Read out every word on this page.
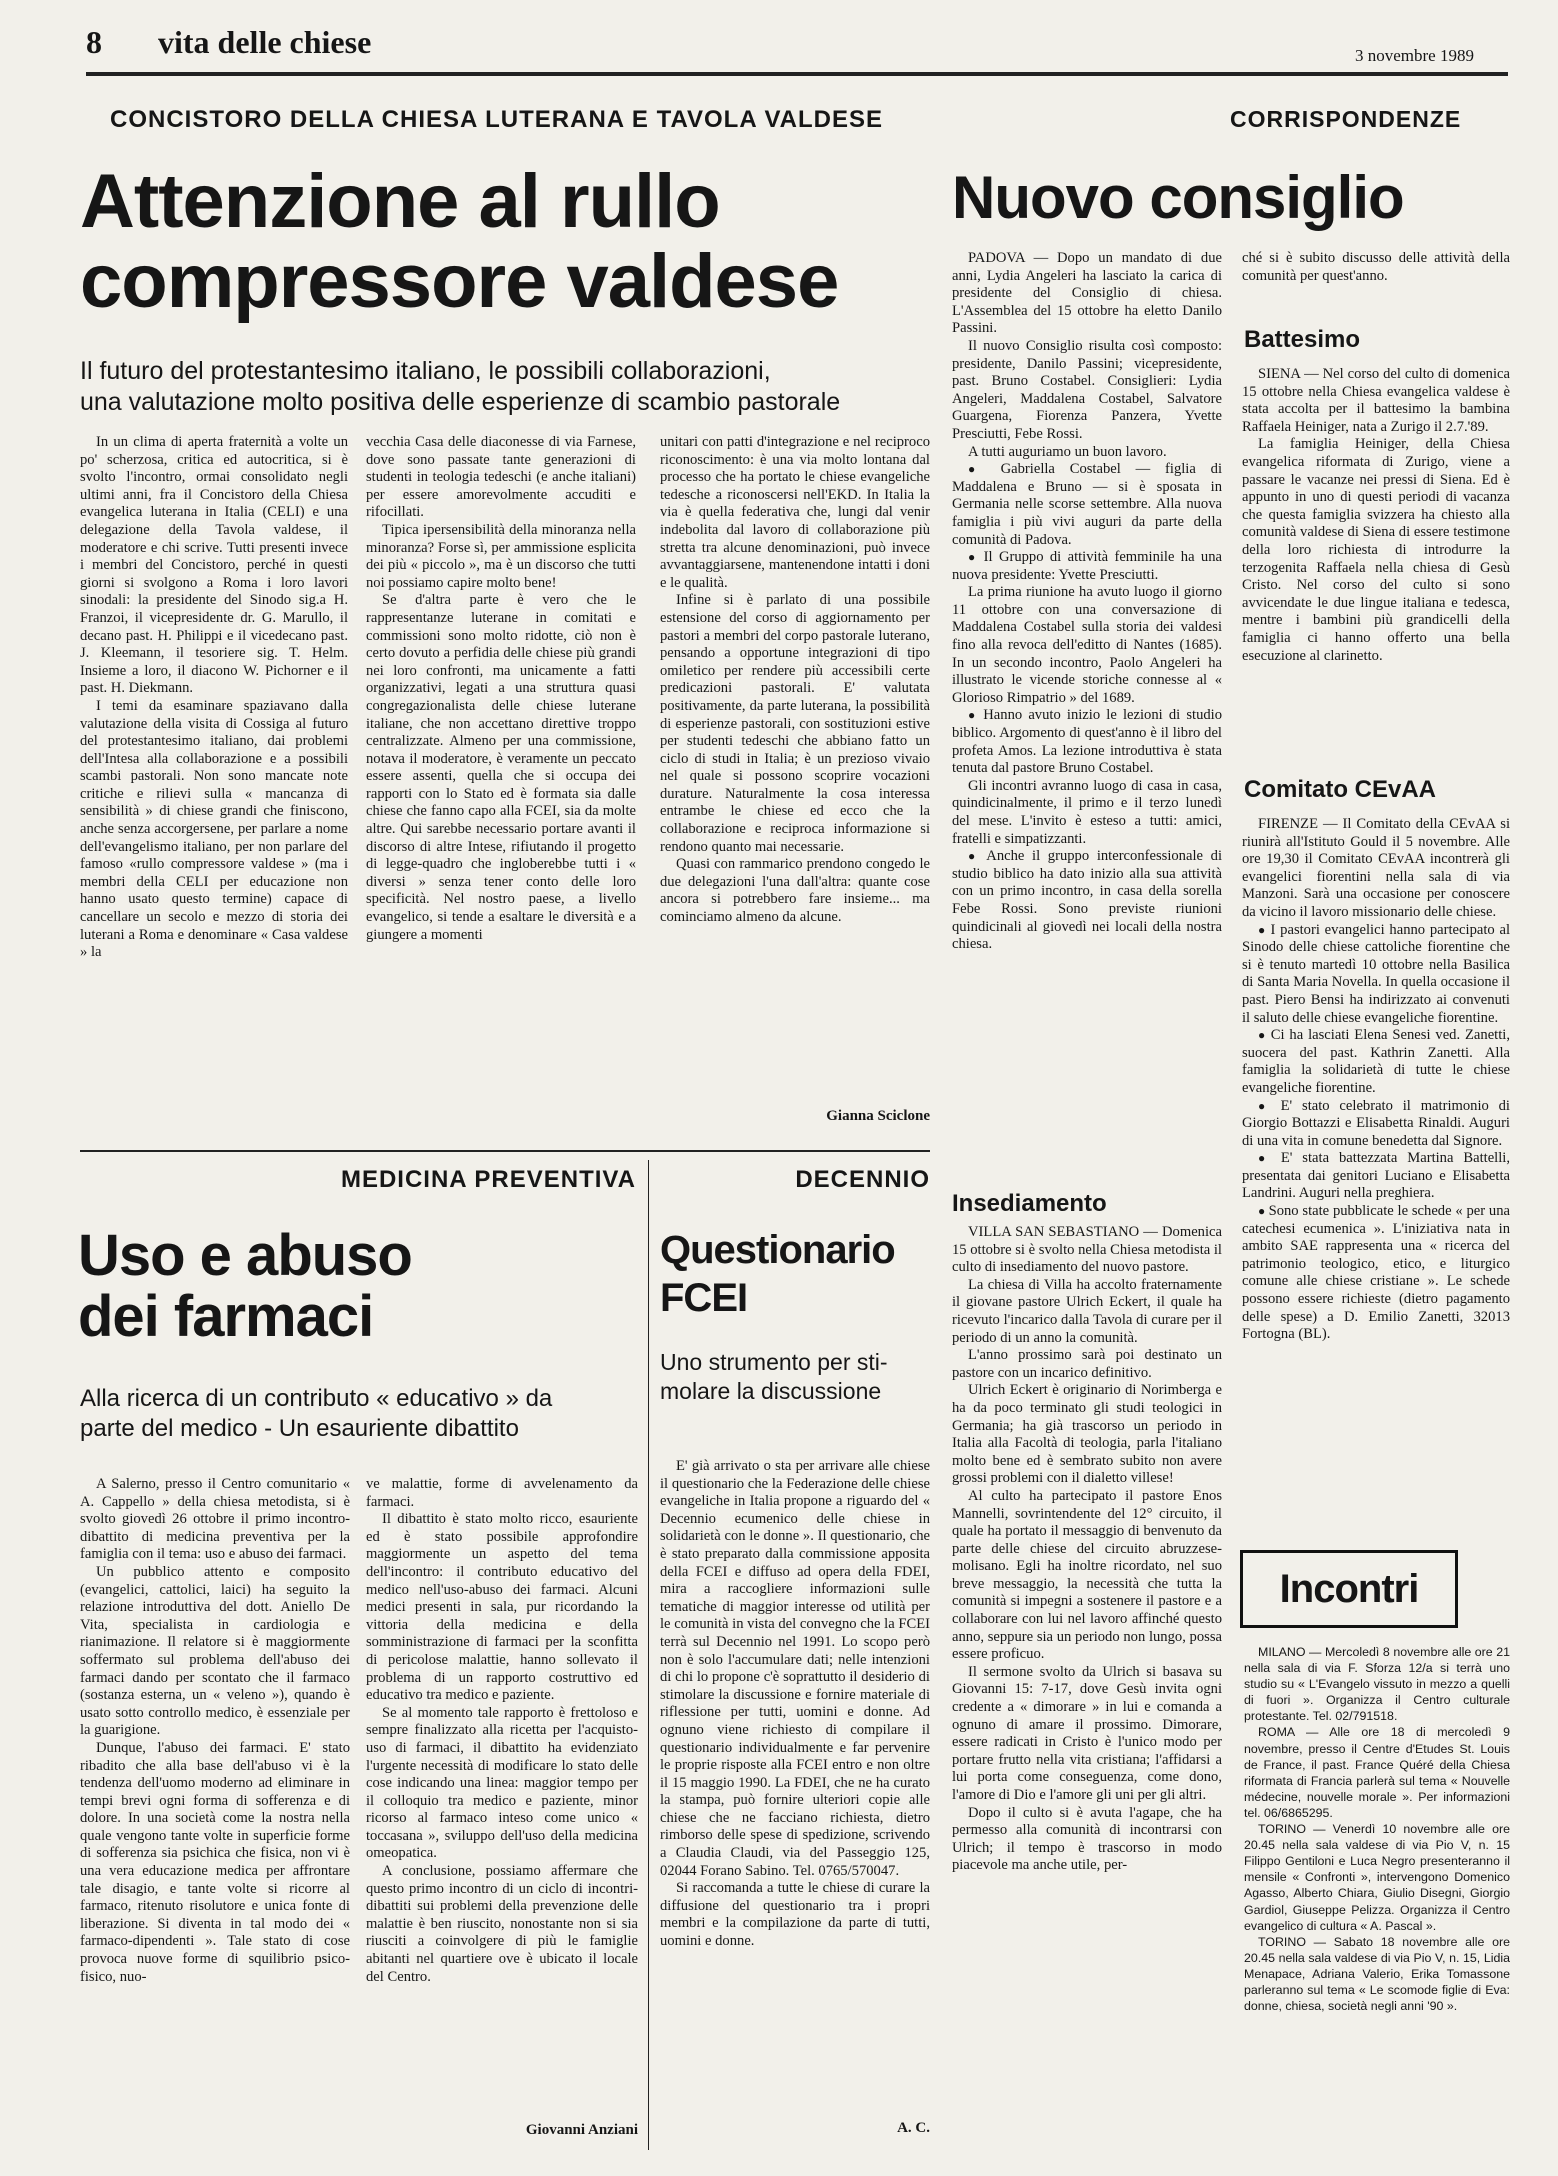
8 vita delle chiese	3 novembre 1989
CONCISTORO DELLA CHIESA LUTERANA E TAVOLA VALDESE
Attenzione al rullo
compressore valdese
Il futuro del protestantesimo italiano, le possibili collaborazioni,
una valutazione molto positiva delle esperienze di scambio pastorale

In un clima di aperta fraternità a volte un po' scherzosa, critica ed autocritica, si è svolto l'incontro, ormai consolidato negli ultimi anni, fra il Concistoro della Chiesa evangelica luterana in Italia (CELI) e una delegazione della Tavola valdese, il moderatore e chi scrive. Tutti presenti invece i membri del Concistoro, perché in questi giorni si svolgono a Roma i loro lavori sinodali: la presidente del Sinodo sig.a H. Franzoi, il vicepresidente dr. G. Marullo, il decano past. H. Philippi e il vicedecano past. J. Kleemann, il tesoriere sig. T. Helm. Insieme a loro, il diacono W. Pichorner e il past. H. Diekmann.

I temi da esaminare spaziavano dalla valutazione della visita di Cossiga al futuro del protestantesimo italiano, dai problemi dell'Intesa alla collaborazione e a possibili scambi pastorali. Non sono mancate note critiche e rilievi sulla « mancanza di sensibilità » di chiese grandi che finiscono, anche senza accorgersene, per parlare a nome dell'evangelismo italiano, per non parlare del famoso «rullo compressore valdese » (ma i membri della CELI per educazione non hanno usato questo termine) capace di cancellare un secolo e mezzo di storia dei luterani a Roma e denominare « Casa valdese » la

vecchia Casa delle diaconesse di via Farnese, dove sono passate tante generazioni di studenti in teologia tedeschi (e anche italiani) per essere amorevolmente accuditi e rifocillati.

Tipica ipersensibilità della minoranza nella minoranza? Forse sì, per ammissione esplicita dei più « piccolo », ma è un discorso che tutti noi possiamo capire molto bene!

Se d'altra parte è vero che le rappresentanze luterane in comitati e commissioni sono molto ridotte, ciò non è certo dovuto a perfidia delle chiese più grandi nei loro confronti, ma unicamente a fatti organizzativi, legati a una struttura quasi congregazionalista delle chiese luterane italiane, che non accettano direttive troppo centralizzate. Almeno per una commissione, notava il moderatore, è veramente un peccato essere assenti, quella che si occupa dei rapporti con lo Stato ed è formata sia dalle chiese che fanno capo alla FCEI, sia da molte altre. Qui sarebbe necessario portare avanti il discorso di altre Intese, rifiutando il progetto di legge-quadro che ingloberebbe tutti i « diversi » senza tener conto delle loro specificità. Nel nostro paese, a livello evangelico, si tende a esaltare le diversità e a giungere a momenti

unitari con patti d'integrazione e nel reciproco riconoscimento: è una via molto lontana dal processo che ha portato le chiese evangeliche tedesche a riconoscersi nell'EKD. In Italia la via è quella federativa che, lungi dal venir indebolita dal lavoro di collaborazione più stretta tra alcune denominazioni, può invece avvantaggiarsene, mantenendone intatti i doni e le qualità.

Infine si è parlato di una possibile estensione del corso di aggiornamento per pastori a membri del corpo pastorale luterano, pensando a opportune integrazioni di tipo omiletico per rendere più accessibili certe predicazioni pastorali. E' valutata positivamente, da parte luterana, la possibilità di esperienze pastorali, con sostituzioni estive per studenti tedeschi che abbiano fatto un ciclo di studi in Italia; è un prezioso vivaio nel quale si possono scoprire vocazioni durature. Naturalmente la cosa interessa entrambe le chiese ed ecco che la collaborazione e reciproca informazione si rendono quanto mai necessarie.

Quasi con rammarico prendono congedo le due delegazioni l'una dall'altra: quante cose ancora si potrebbero fare insieme... ma cominciamo almeno da alcune.

Gianna Sciclone
MEDICINA PREVENTIVA
Uso e abuso
dei farmaci
Alla ricerca di un contributo « educativo » da
parte del medico - Un esauriente dibattito

A Salerno, presso il Centro comunitario « A. Cappello » della chiesa metodista, si è svolto giovedì 26 ottobre il primo incontro-dibattito di medicina preventiva per la famiglia con il tema: uso e abuso dei farmaci.

Un pubblico attento e composito (evangelici, cattolici, laici) ha seguito la relazione introduttiva del dott. Aniello De Vita, specialista in cardiologia e rianimazione. Il relatore si è maggiormente soffermato sul problema dell'abuso dei farmaci dando per scontato che il farmaco (sostanza esterna, un « veleno »), quando è usato sotto controllo medico, è essenziale per la guarigione.

Dunque, l'abuso dei farmaci. E' stato ribadito che alla base dell'abuso vi è la tendenza dell'uomo moderno ad eliminare in tempi brevi ogni forma di sofferenza e di dolore. In una società come la nostra nella quale vengono tante volte in superficie forme di sofferenza sia psichica che fisica, non vi è una vera educazione medica per affrontare tale disagio, e tante volte si ricorre al farmaco, ritenuto risolutore e unica fonte di liberazione. Si diventa in tal modo dei « farmaco-dipendenti ». Tale stato di cose provoca nuove forme di squilibrio psico-fisico, nuo-

ve malattie, forme di avvelenamento da farmaci.

Il dibattito è stato molto ricco, esauriente ed è stato possibile approfondire maggiormente un aspetto del tema dell'incontro: il contributo educativo del medico nell'uso-abuso dei farmaci. Alcuni medici presenti in sala, pur ricordando la vittoria della medicina e della somministrazione di farmaci per la sconfitta di pericolose malattie, hanno sollevato il problema di un rapporto costruttivo ed educativo tra medico e paziente.

Se al momento tale rapporto è frettoloso e sempre finalizzato alla ricetta per l'acquisto-uso di farmaci, il dibattito ha evidenziato l'urgente necessità di modificare lo stato delle cose indicando una linea: maggior tempo per il colloquio tra medico e paziente, minor ricorso al farmaco inteso come unico « toccasana », sviluppo dell'uso della medicina omeopatica.

A conclusione, possiamo affermare che questo primo incontro di un ciclo di incontri-dibattiti sui problemi della prevenzione delle malattie è ben riuscito, nonostante non si sia riusciti a coinvolgere di più le famiglie abitanti nel quartiere ove è ubicato il locale del Centro.

Giovanni Anziani
DECENNIO
Questionario
FCEI
Uno strumento per sti-
molare la discussione

E' già arrivato o sta per arrivare alle chiese il questionario che la Federazione delle chiese evangeliche in Italia propone a riguardo del « Decennio ecumenico delle chiese in solidarietà con le donne ». Il questionario, che è stato preparato dalla commissione apposita della FCEI e diffuso ad opera della FDEI, mira a raccogliere informazioni sulle tematiche di maggior interesse od utilità per le comunità in vista del convegno che la FCEI terrà sul Decennio nel 1991. Lo scopo però non è solo l'accumulare dati; nelle intenzioni di chi lo propone c'è soprattutto il desiderio di stimolare la discussione e fornire materiale di riflessione per tutti, uomini e donne. Ad ognuno viene richiesto di compilare il questionario individualmente e far pervenire le proprie risposte alla FCEI entro e non oltre il 15 maggio 1990. La FDEI, che ne ha curato la stampa, può fornire ulteriori copie alle chiese che ne facciano richiesta, dietro rimborso delle spese di spedizione, scrivendo a Claudia Claudi, via del Passeggio 125, 02044 Forano Sabino. Tel. 0765/570047.

Si raccomanda a tutte le chiese di curare la diffusione del questionario tra i propri membri e la compilazione da parte di tutti, uomini e donne.

A. C.
CORRISPONDENZE
Nuovo consiglio

PADOVA — Dopo un mandato di due anni, Lydia Angeleri ha lasciato la carica di presidente del Consiglio di chiesa. L'Assemblea del 15 ottobre ha eletto Danilo Passini.

Il nuovo Consiglio risulta così composto: presidente, Danilo Passini; vicepresidente, past. Bruno Costabel. Consiglieri: Lydia Angeleri, Maddalena Costabel, Salvatore Guargena, Fiorenza Panzera, Yvette Presciutti, Febe Rossi.

A tutti auguriamo un buon lavoro.

● Gabriella Costabel — figlia di Maddalena e Bruno — si è sposata in Germania nelle scorse settembre. Alla nuova famiglia i più vivi auguri da parte della comunità di Padova.

● Il Gruppo di attività femminile ha una nuova presidente: Yvette Presciutti.

La prima riunione ha avuto luogo il giorno 11 ottobre con una conversazione di Maddalena Costabel sulla storia dei valdesi fino alla revoca dell'editto di Nantes (1685). In un secondo incontro, Paolo Angeleri ha illustrato le vicende storiche connesse al « Glorioso Rimpatrio » del 1689.

● Hanno avuto inizio le lezioni di studio biblico. Argomento di quest'anno è il libro del profeta Amos. La lezione introduttiva è stata tenuta dal pastore Bruno Costabel.

Gli incontri avranno luogo di casa in casa, quindicinalmente, il primo e il terzo lunedì del mese. L'invito è esteso a tutti: amici, fratelli e simpatizzanti.

● Anche il gruppo interconfessionale di studio biblico ha dato inizio alla sua attività con un primo incontro, in casa della sorella Febe Rossi. Sono previste riunioni quindicinali al giovedì nei locali della nostra chiesa.

Insediamento

VILLA SAN SEBASTIANO — Domenica 15 ottobre si è svolto nella Chiesa metodista il culto di insediamento del nuovo pastore.

La chiesa di Villa ha accolto fraternamente il giovane pastore Ulrich Eckert, il quale ha ricevuto l'incarico dalla Tavola di curare per il periodo di un anno la comunità.

L'anno prossimo sarà poi destinato un pastore con un incarico definitivo.

Ulrich Eckert è originario di Norimberga e ha da poco terminato gli studi teologici in Germania; ha già trascorso un periodo in Italia alla Facoltà di teologia, parla l'italiano molto bene ed è sembrato subito non avere grossi problemi con il dialetto villese!

Al culto ha partecipato il pastore Enos Mannelli, sovrintendente del 12° circuito, il quale ha portato il messaggio di benvenuto da parte delle chiese del circuito abruzzese-molisano. Egli ha inoltre ricordato, nel suo breve messaggio, la necessità che tutta la comunità si impegni a sostenere il pastore e a collaborare con lui nel lavoro affinché questo anno, seppure sia un periodo non lungo, possa essere proficuo.

Il sermone svolto da Ulrich si basava su Giovanni 15: 7-17, dove Gesù invita ogni credente a « dimorare » in lui e comanda a ognuno di amare il prossimo. Dimorare, essere radicati in Cristo è l'unico modo per portare frutto nella vita cristiana; l'affidarsi a lui porta come conseguenza, come dono, l'amore di Dio e l'amore gli uni per gli altri.

Dopo il culto si è avuta l'agape, che ha permesso alla comunità di incontrarsi con Ulrich; il tempo è trascorso in modo piacevole ma anche utile, per-

ché si è subito discusso delle attività della comunità per quest'anno.

Battesimo

SIENA — Nel corso del culto di domenica 15 ottobre nella Chiesa evangelica valdese è stata accolta per il battesimo la bambina Raffaela Heiniger, nata a Zurigo il 2.7.'89.

La famiglia Heiniger, della Chiesa evangelica riformata di Zurigo, viene a passare le vacanze nei pressi di Siena. Ed è appunto in uno di questi periodi di vacanza che questa famiglia svizzera ha chiesto alla comunità valdese di Siena di essere testimone della loro richiesta di introdurre la terzogenita Raffaela nella chiesa di Gesù Cristo. Nel corso del culto si sono avvicendate le due lingue italiana e tedesca, mentre i bambini più grandicelli della famiglia ci hanno offerto una bella esecuzione al clarinetto.

Comitato CEvAA

FIRENZE — Il Comitato della CEvAA si riunirà all'Istituto Gould il 5 novembre. Alle ore 19,30 il Comitato CEvAA incontrerà gli evangelici fiorentini nella sala di via Manzoni. Sarà una occasione per conoscere da vicino il lavoro missionario delle chiese.

● I pastori evangelici hanno partecipato al Sinodo delle chiese cattoliche fiorentine che si è tenuto martedì 10 ottobre nella Basilica di Santa Maria Novella. In quella occasione il past. Piero Bensi ha indirizzato ai convenuti il saluto delle chiese evangeliche fiorentine.

● Ci ha lasciati Elena Senesi ved. Zanetti, suocera del past. Kathrin Zanetti. Alla famiglia la solidarietà di tutte le chiese evangeliche fiorentine.

● E' stato celebrato il matrimonio di Giorgio Bottazzi e Elisabetta Rinaldi. Auguri di una vita in comune benedetta dal Signore.

● E' stata battezzata Martina Battelli, presentata dai genitori Luciano e Elisabetta Landrini. Auguri nella preghiera.

● Sono state pubblicate le schede « per una catechesi ecumenica ». L'iniziativa nata in ambito SAE rappresenta una « ricerca del patrimonio teologico, etico, e liturgico comune alle chiese cristiane ». Le schede possono essere richieste (dietro pagamento delle spese) a D. Emilio Zanetti, 32013 Fortogna (BL).

Incontri

MILANO — Mercoledì 8 novembre alle ore 21 nella sala di via F. Sforza 12/a si terrà uno studio su « L'Evangelo vissuto in mezzo a quelli di fuori ». Organizza il Centro culturale protestante. Tel. 02/791518.

ROMA — Alle ore 18 di mercoledì 9 novembre, presso il Centre d'Etudes St. Louis de France, il past. France Quéré della Chiesa riformata di Francia parlerà sul tema « Nouvelle médecine, nouvelle morale ». Per informazioni tel. 06/6865295.

TORINO — Venerdì 10 novembre alle ore 20.45 nella sala valdese di via Pio V, n. 15 Filippo Gentiloni e Luca Negro presenteranno il mensile « Confronti », intervengono Domenico Agasso, Alberto Chiara, Giulio Disegni, Giorgio Gardiol, Giuseppe Pelizza. Organizza il Centro evangelico di cultura « A. Pascal ».

TORINO — Sabato 18 novembre alle ore 20.45 nella sala valdese di via Pio V, n. 15, Lidia Menapace, Adriana Valerio, Erika Tomassone parleranno sul tema « Le scomode figlie di Eva: donne, chiesa, società negli anni '90 ».
